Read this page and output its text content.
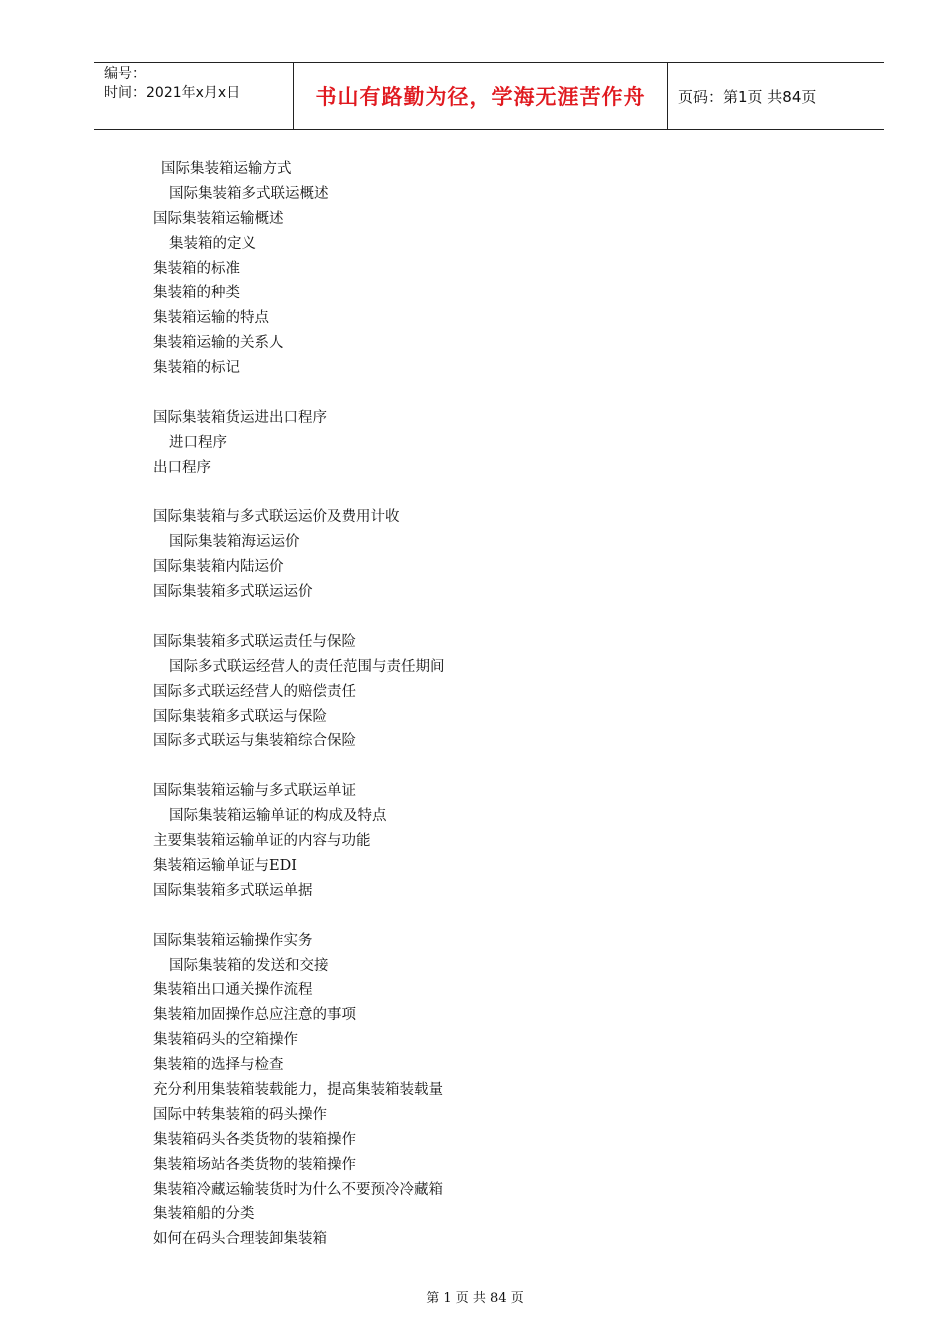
编号：
时间：2021年x月x日	书山有路勤为径，学海无涯苦作舟	页码：第1页 共84页
国际集装箱运输方式
国际集装箱多式联运概述
国际集装箱运输概述
集装箱的定义
集装箱的标准
集装箱的种类
集装箱运输的特点
集装箱运输的关系人
集装箱的标记
国际集装箱货运进出口程序
进口程序
出口程序
国际集装箱与多式联运运价及费用计收
国际集装箱海运运价
国际集装箱内陆运价
国际集装箱多式联运运价
国际集装箱多式联运责任与保险
国际多式联运经营人的责任范围与责任期间
国际多式联运经营人的赔偿责任
国际集装箱多式联运与保险
国际多式联运与集装箱综合保险
国际集装箱运输与多式联运单证
国际集装箱运输单证的构成及特点
主要集装箱运输单证的内容与功能
集装箱运输单证与EDI
国际集装箱多式联运单据
国际集装箱运输操作实务
国际集装箱的发送和交接
集装箱出口通关操作流程
集装箱加固操作总应注意的事项
集装箱码头的空箱操作
集装箱的选择与检查
充分利用集装箱装载能力，提高集装箱装载量
国际中转集装箱的码头操作
集装箱码头各类货物的装箱操作
集装箱场站各类货物的装箱操作
集装箱冷藏运输装货时为什么不要预冷冷藏箱
集装箱船的分类
如何在码头合理装卸集装箱
第 1 页 共 84 页
